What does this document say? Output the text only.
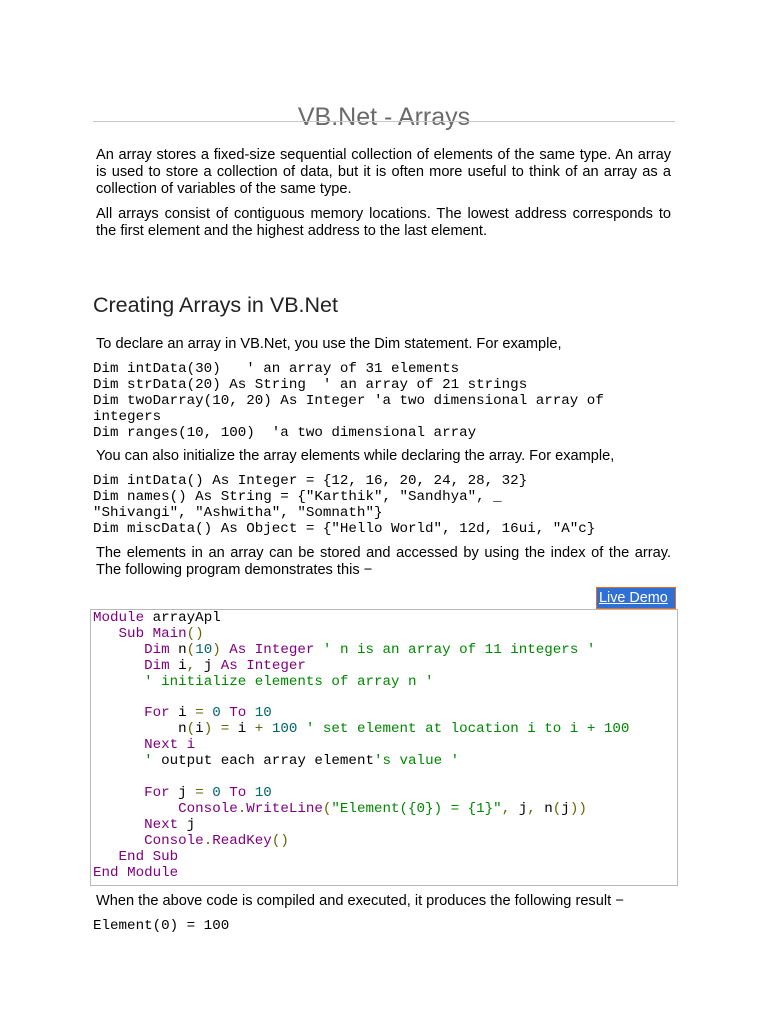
VB.Net - Arrays

An array stores a fixed-size sequential collection of elements of the same type. An array is used to store a collection of data, but it is often more useful to think of an array as a collection of variables of the same type.

All arrays consist of contiguous memory locations. The lowest address corresponds to the first element and the highest address to the last element.

Creating Arrays in VB.Net

To declare an array in VB.Net, you use the Dim statement. For example,

Dim intData(30)	' an array of 31 elements
Dim strData(20) As String  ' an array of 21 strings
Dim twoDarray(10, 20) As Integer 'a two dimensional array of
integers
Dim ranges(10, 100)  'a two dimensional array

You can also initialize the array elements while declaring the array. For example,

Dim intData() As Integer = {12, 16, 20, 24, 28, 32}
Dim names() As String = {"Karthik", "Sandhya", _
"Shivangi", "Ashwitha", "Somnath"}
Dim miscData() As Object = {"Hello World", 12d, 16ui, "A"c}

The elements in an array can be stored and accessed by using the index of the array. The following program demonstrates this −

Live Demo
Module arrayApl
Sub Main()
Dim n(10) As Integer ' n is an array of 11 integers '
Dim i, j As Integer
' initialize elements of array n '

For i = 0 To 10
n(i) = i + 100 ' set element at location i to i + 100
Next i
' output each array element's value '

For j = 0 To 10
Console.WriteLine("Element({0}) = {1}", j, n(j))
Next j
Console.ReadKey()
End Sub
End Module

When the above code is compiled and executed, it produces the following result −

Element(0) = 100
